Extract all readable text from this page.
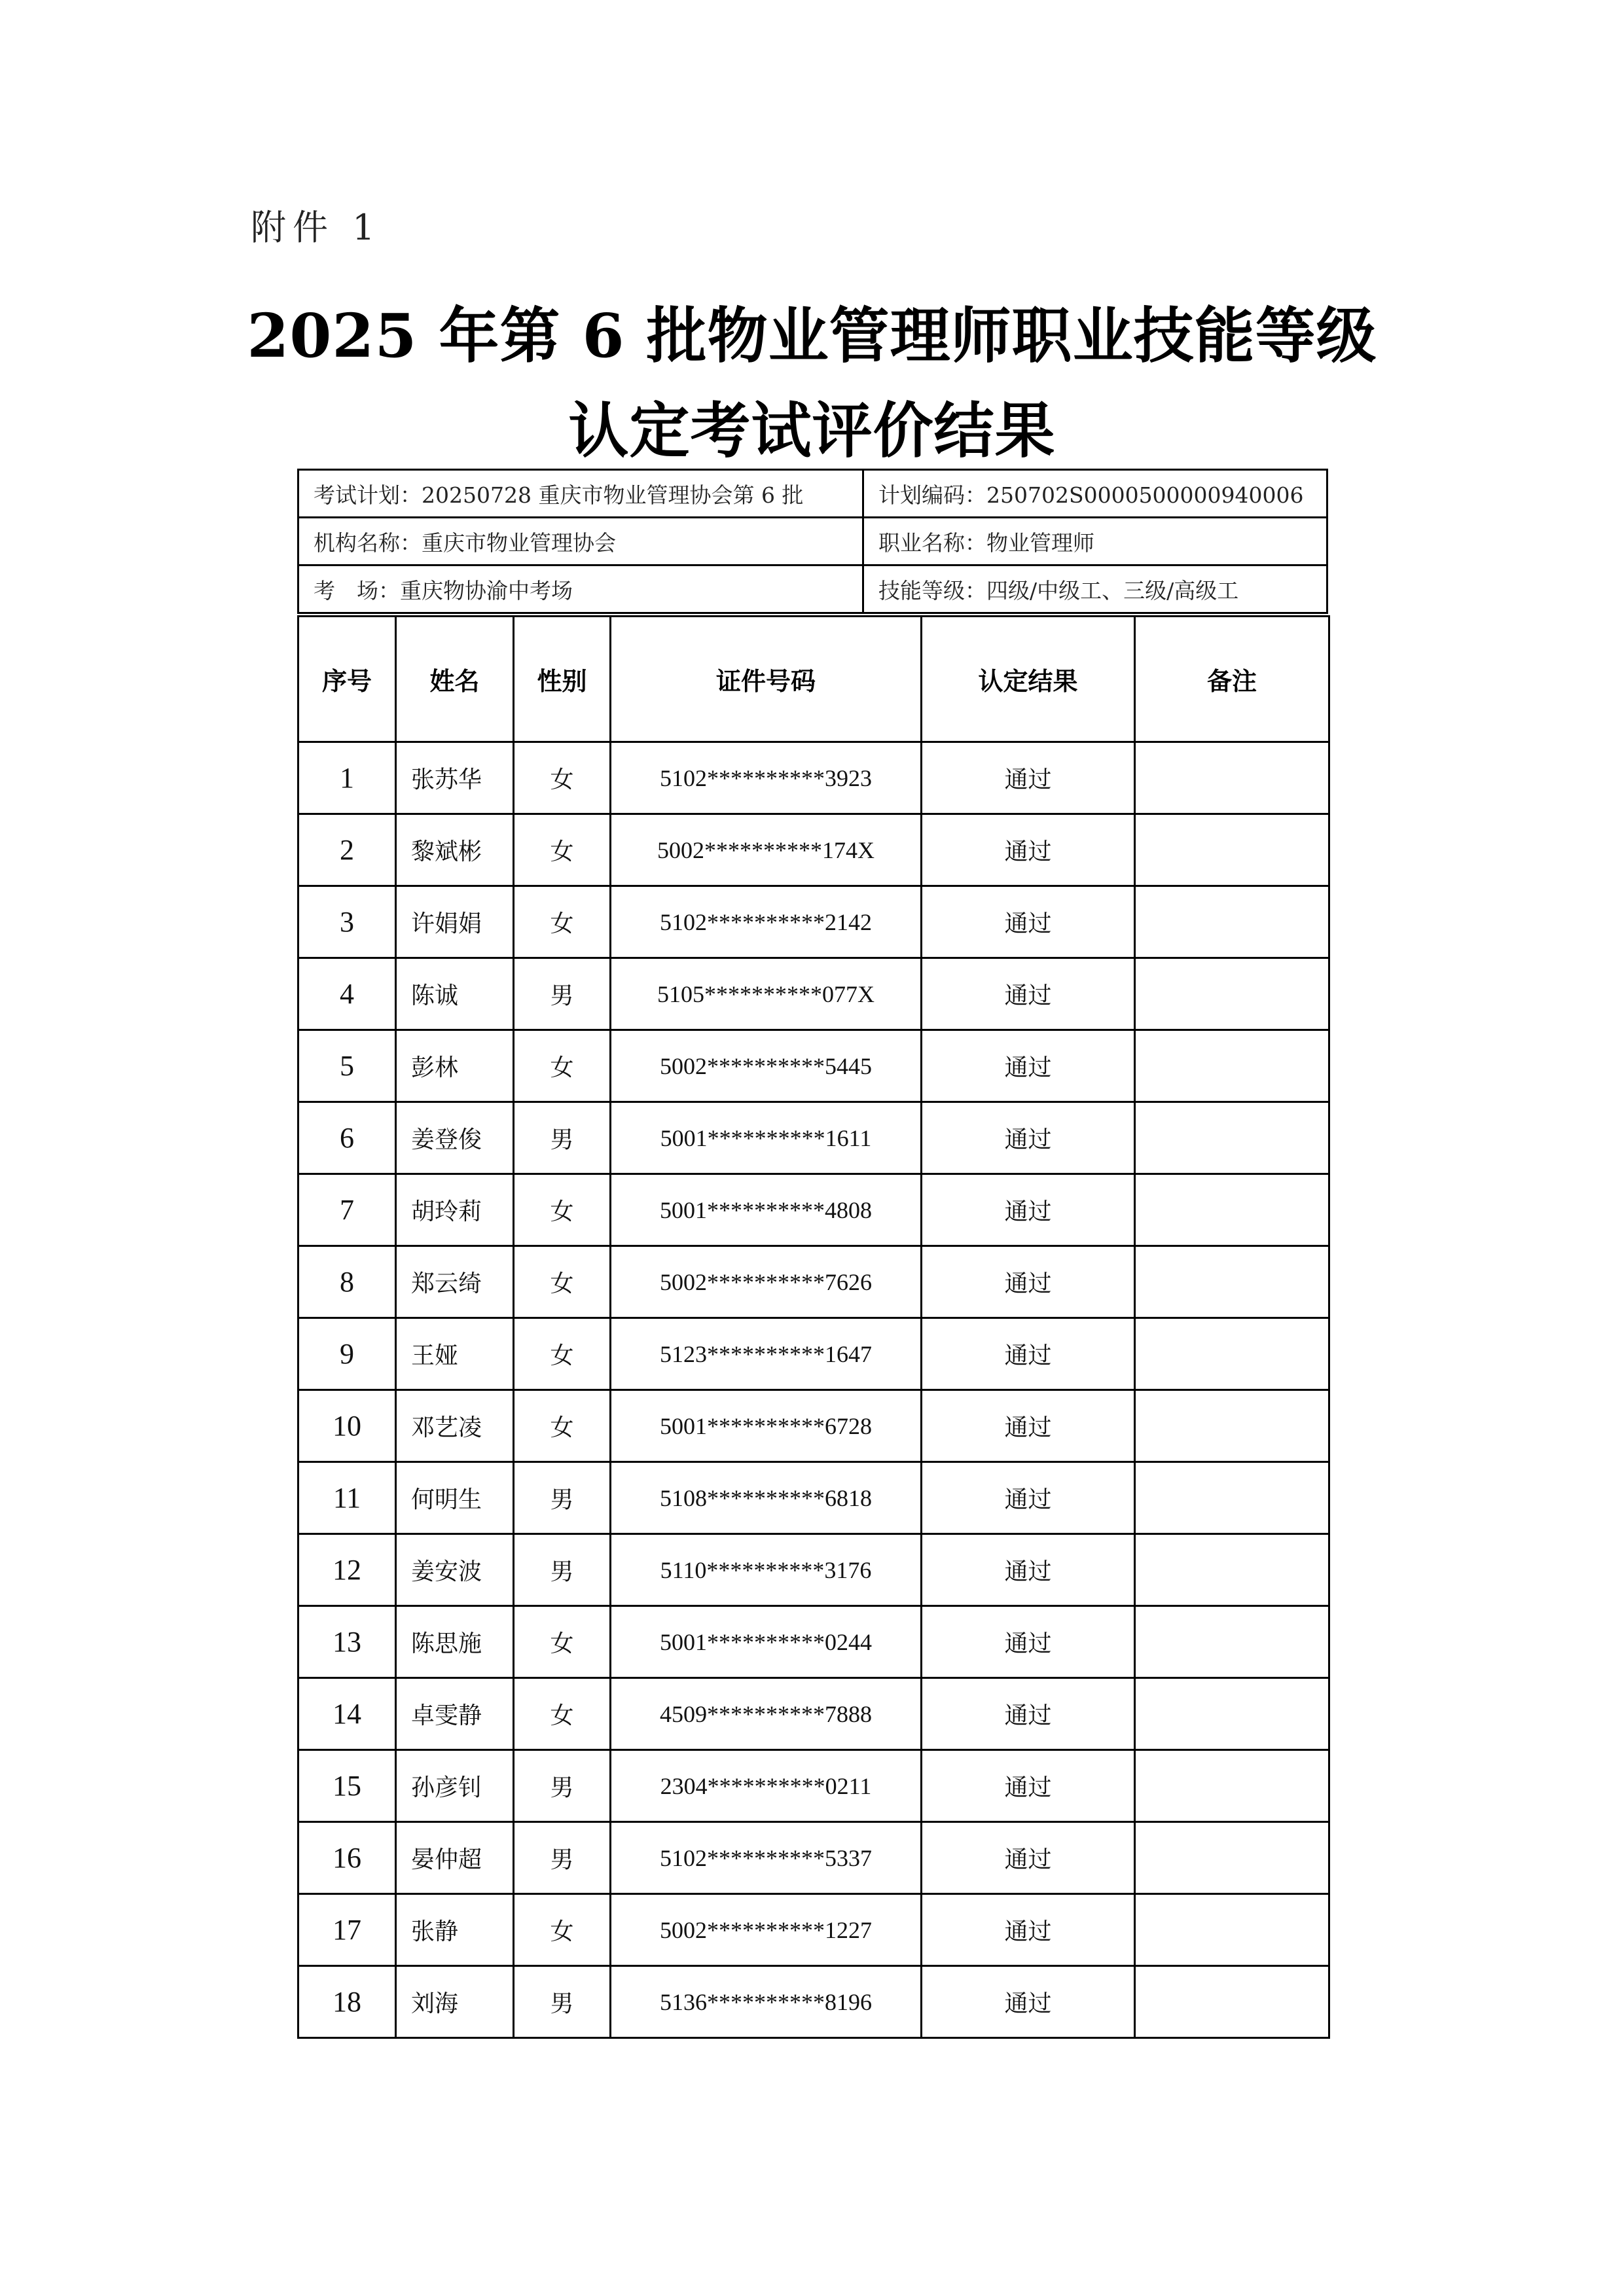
附件 1
2025 年第 6 批物业管理师职业技能等级
认定考试评价结果
考试计划：20250728 重庆市物业管理协会第 6 批	计划编码：250702S0000500000940006
机构名称：重庆市物业管理协会	职业名称：物业管理师
考　场：重庆物协渝中考场	技能等级：四级/中级工、三级/高级工
序号	姓名	性别	证件号码	认定结果	备注
1	张苏华	女	5102**********3923	通过	
2	黎斌彬	女	5002**********174X	通过	
3	许娟娟	女	5102**********2142	通过	
4	陈诚	男	5105**********077X	通过	
5	彭林	女	5002**********5445	通过	
6	姜登俊	男	5001**********1611	通过	
7	胡玲莉	女	5001**********4808	通过	
8	郑云绮	女	5002**********7626	通过	
9	王娅	女	5123**********1647	通过	
10	邓艺凌	女	5001**********6728	通过	
11	何明生	男	5108**********6818	通过	
12	姜安波	男	5110**********3176	通过	
13	陈思施	女	5001**********0244	通过	
14	卓雯静	女	4509**********7888	通过	
15	孙彦钊	男	2304**********0211	通过	
16	晏仲超	男	5102**********5337	通过	
17	张静	女	5002**********1227	通过	
18	刘海	男	5136**********8196	通过	
